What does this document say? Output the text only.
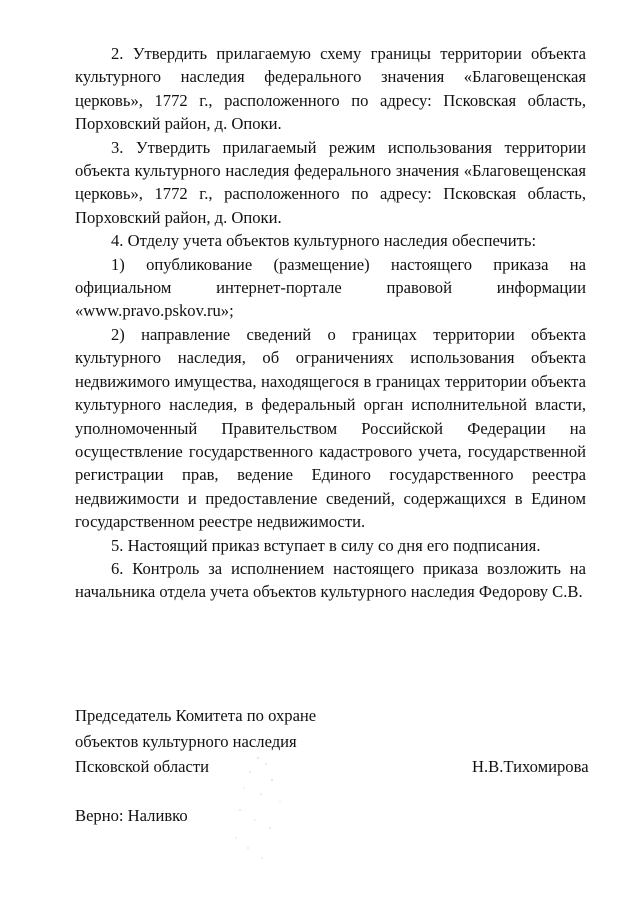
2. Утвердить прилагаемую схему границы территории объекта культурного наследия федерального значения «Благовещенская церковь», 1772 г., расположенного по адресу: Псковская область, Порховский район, д. Опоки.

3. Утвердить прилагаемый режим использования территории объекта культурного наследия федерального значения «Благовещенская церковь», 1772 г., расположенного по адресу: Псковская область, Порховский район, д. Опоки.

4. Отделу учета объектов культурного наследия обеспечить:

1) опубликование (размещение) настоящего приказа на официальном интернет-портале правовой информации «www.pravo.pskov.ru»;

2) направление сведений о границах территории объекта культурного наследия, об ограничениях использования объекта недвижимого имущества, находящегося в границах территории объекта культурного наследия, в федеральный орган исполнительной власти, уполномоченный Правительством Российской Федерации на осуществление государственного кадастрового учета, государственной регистрации прав, ведение Единого государственного реестра недвижимости и предоставление сведений, содержащихся в Едином государственном реестре недвижимости.

5. Настоящий приказ вступает в силу со дня его подписания.

6. Контроль за исполнением настоящего приказа возложить на начальника отдела учета объектов культурного наследия Федорову С.В.

Председатель Комитета по охране
объектов культурного наследия
Псковской области	Н.В.Тихомирова
Верно: Наливко
